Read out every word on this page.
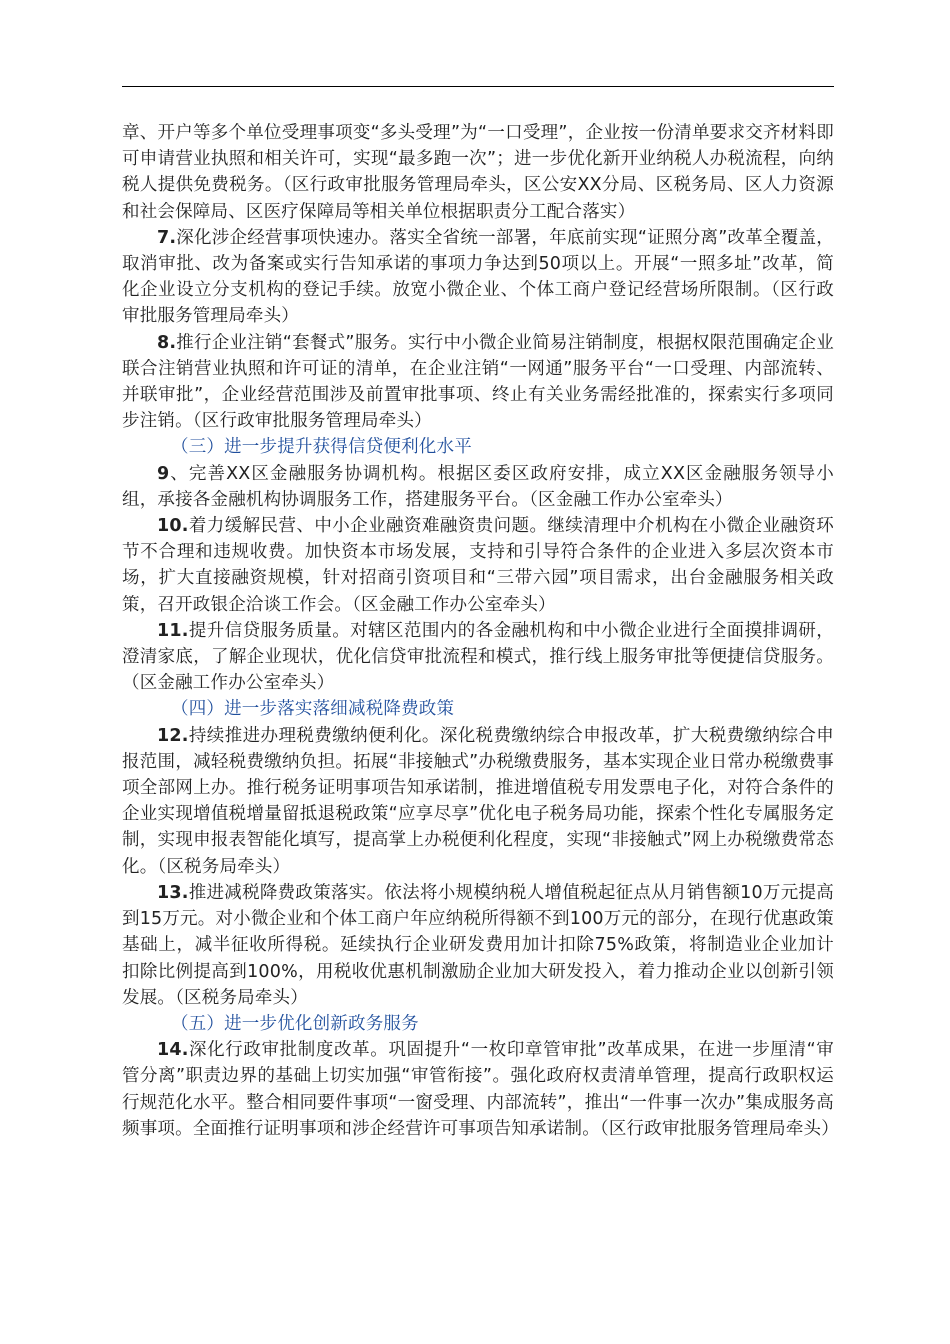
章、开户等多个单位受理事项变“多头受理”为“一口受理”，企业按一份清单要求交齐材料即可申请营业执照和相关许可，实现“最多跑一次”；进一步优化新开业纳税人办税流程，向纳税人提供免费税务。（区行政审批服务管理局牵头，区公安XX分局、区税务局、区人力资源和社会保障局、区医疗保障局等相关单位根据职责分工配合落实）

7.深化涉企经营事项快速办。落实全省统一部署，年底前实现“证照分离”改革全覆盖，取消审批、改为备案或实行告知承诺的事项力争达到50项以上。开展“一照多址”改革，简化企业设立分支机构的登记手续。放宽小微企业、个体工商户登记经营场所限制。（区行政审批服务管理局牵头）

8.推行企业注销“套餐式”服务。实行中小微企业简易注销制度，根据权限范围确定企业联合注销营业执照和许可证的清单，在企业注销“一网通”服务平台“一口受理、内部流转、并联审批”，企业经营范围涉及前置审批事项、终止有关业务需经批准的，探索实行多项同步注销。（区行政审批服务管理局牵头）

（三）进一步提升获得信贷便利化水平

9、完善XX区金融服务协调机构。根据区委区政府安排，成立XX区金融服务领导小组，承接各金融机构协调服务工作，搭建服务平台。（区金融工作办公室牵头）

10.着力缓解民营、中小企业融资难融资贵问题。继续清理中介机构在小微企业融资环节不合理和违规收费。加快资本市场发展，支持和引导符合条件的企业进入多层次资本市场，扩大直接融资规模，针对招商引资项目和“三带六园”项目需求，出台金融服务相关政策，召开政银企洽谈工作会。（区金融工作办公室牵头）

11.提升信贷服务质量。对辖区范围内的各金融机构和中小微企业进行全面摸排调研，澄清家底，了解企业现状，优化信贷审批流程和模式，推行线上服务审批等便捷信贷服务。（区金融工作办公室牵头）

（四）进一步落实落细减税降费政策

12.持续推进办理税费缴纳便利化。深化税费缴纳综合申报改革，扩大税费缴纳综合申报范围，减轻税费缴纳负担。拓展“非接触式”办税缴费服务，基本实现企业日常办税缴费事项全部网上办。推行税务证明事项告知承诺制，推进增值税专用发票电子化，对符合条件的企业实现增值税增量留抵退税政策“应享尽享”优化电子税务局功能，探索个性化专属服务定制，实现申报表智能化填写，提高掌上办税便利化程度，实现“非接触式”网上办税缴费常态化。（区税务局牵头）

13.推进减税降费政策落实。依法将小规模纳税人增值税起征点从月销售额10万元提高到15万元。对小微企业和个体工商户年应纳税所得额不到100万元的部分，在现行优惠政策基础上，减半征收所得税。延续执行企业研发费用加计扣除75%政策，将制造业企业加计扣除比例提高到100%，用税收优惠机制激励企业加大研发投入，着力推动企业以创新引领发展。（区税务局牵头）

（五）进一步优化创新政务服务

14.深化行政审批制度改革。巩固提升“一枚印章管审批”改革成果，在进一步厘清“审管分离”职责边界的基础上切实加强“审管衔接”。强化政府权责清单管理，提高行政职权运行规范化水平。整合相同要件事项“一窗受理、内部流转”，推出“一件事一次办”集成服务高频事项。全面推行证明事项和涉企经营许可事项告知承诺制。（区行政审批服务管理局牵头）
